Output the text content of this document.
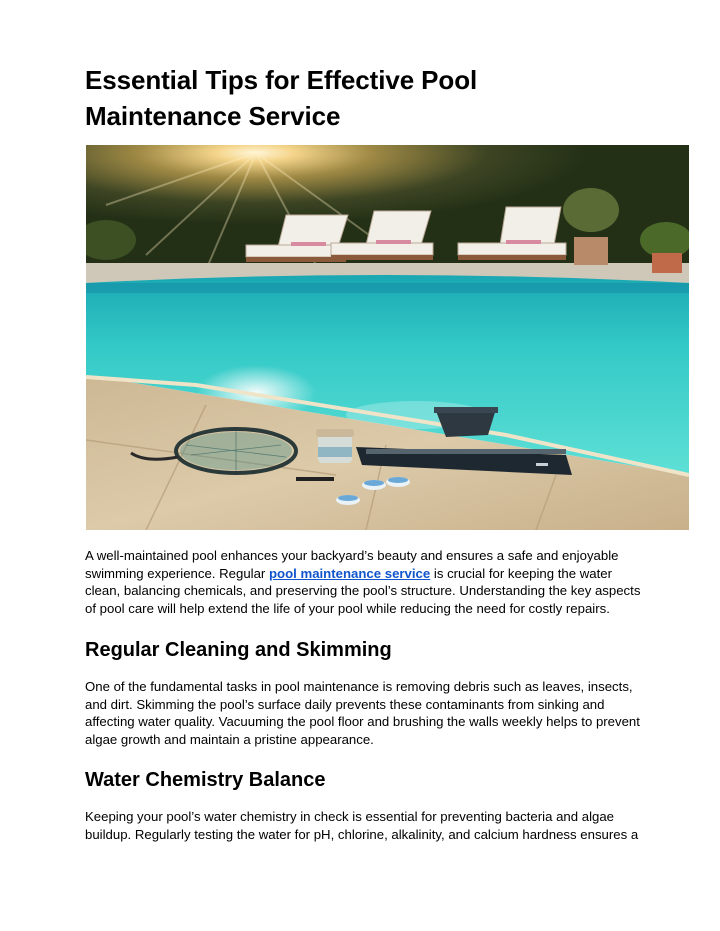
Essential Tips for Effective Pool
Maintenance Service

A well-maintained pool enhances your backyard’s beauty and ensures a safe and enjoyable swimming experience. Regular pool maintenance service is crucial for keeping the water clean, balancing chemicals, and preserving the pool’s structure. Understanding the key aspects of pool care will help extend the life of your pool while reducing the need for costly repairs.

Regular Cleaning and Skimming

One of the fundamental tasks in pool maintenance is removing debris such as leaves, insects, and dirt. Skimming the pool’s surface daily prevents these contaminants from sinking and affecting water quality. Vacuuming the pool floor and brushing the walls weekly helps to prevent algae growth and maintain a pristine appearance.

Water Chemistry Balance

Keeping your pool’s water chemistry in check is essential for preventing bacteria and algae buildup. Regularly testing the water for pH, chlorine, alkalinity, and calcium hardness ensures a
